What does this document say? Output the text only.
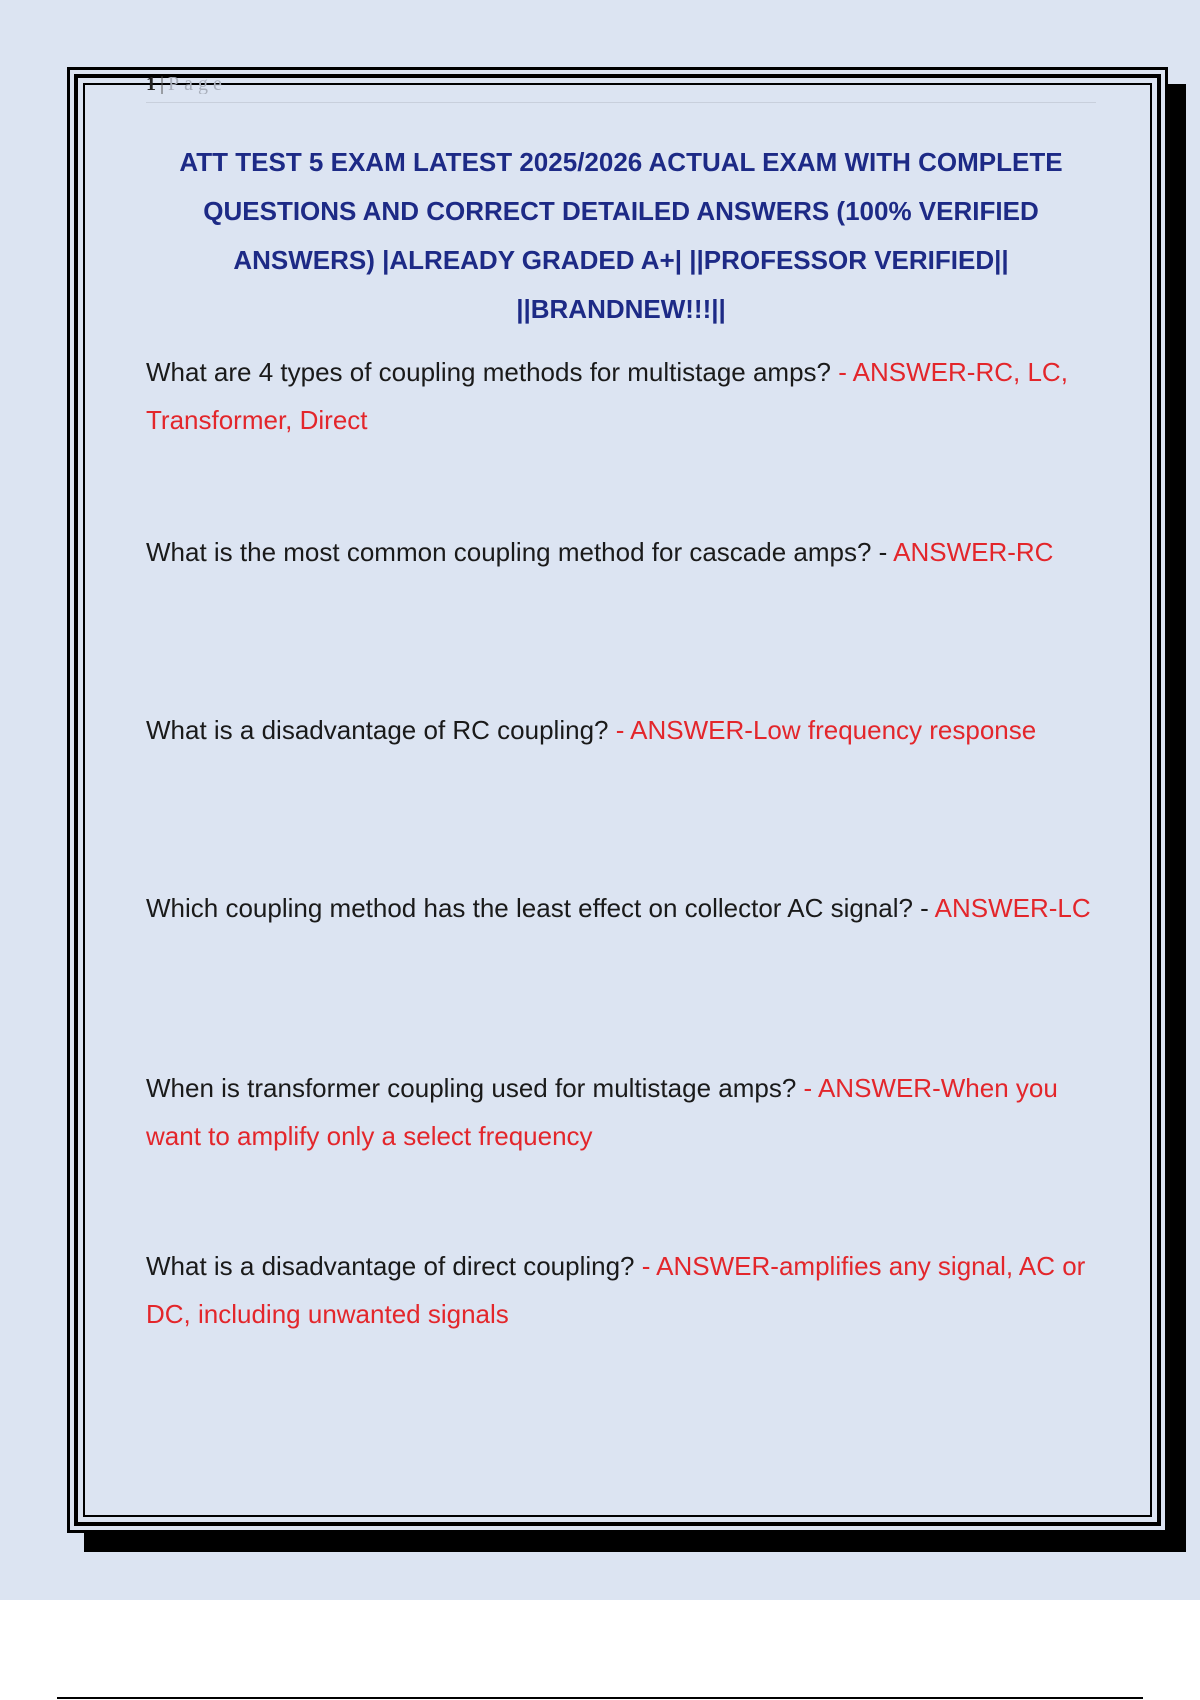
1 | Page
ATT TEST 5 EXAM LATEST 2025/2026 ACTUAL EXAM WITH COMPLETE QUESTIONS AND CORRECT DETAILED ANSWERS (100% VERIFIED ANSWERS) |ALREADY GRADED A+| ||PROFESSOR VERIFIED|| ||BRANDNEW!!!||
What are 4 types of coupling methods for multistage amps? - ANSWER-RC, LC, Transformer, Direct
What is the most common coupling method for cascade amps? - ANSWER-RC
What is a disadvantage of RC coupling? - ANSWER-Low frequency response
Which coupling method has the least effect on collector AC signal? - ANSWER-LC
When is transformer coupling used for multistage amps? - ANSWER-When you want to amplify only a select frequency
What is a disadvantage of direct coupling? - ANSWER-amplifies any signal, AC or DC, including unwanted signals
